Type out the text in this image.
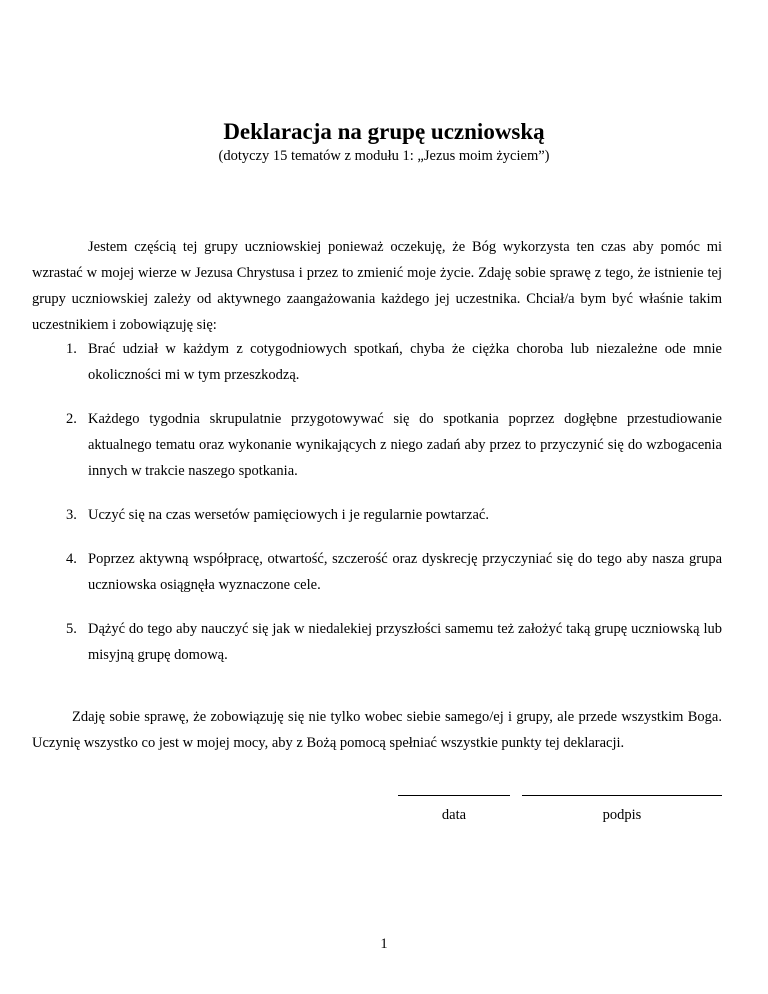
Deklaracja na grupę uczniowską
(dotyczy 15 tematów z modułu 1: „Jezus moim życiem”)

Jestem częścią tej grupy uczniowskiej ponieważ oczekuję, że Bóg wykorzysta ten czas aby pomóc mi wzrastać w mojej wierze w Jezusa Chrystusa i przez to zmienić moje życie. Zdaję sobie sprawę z tego, że istnienie tej grupy uczniowskiej zależy od aktywnego zaangażowania każdego jej uczestnika. Chciał/a bym być właśnie takim uczestnikiem i zobowiązuję się:

1. Brać udział w każdym z cotygodniowych spotkań, chyba że ciężka choroba lub niezależne ode mnie okoliczności mi w tym przeszkodzą.
2. Każdego tygodnia skrupulatnie przygotowywać się do spotkania poprzez dogłębne przestudiowanie aktualnego tematu oraz wykonanie wynikających z niego zadań aby przez to przyczynić się do wzbogacenia innych w trakcie naszego spotkania.
3. Uczyć się na czas wersetów pamięciowych i je regularnie powtarzać.
4. Poprzez aktywną współpracę, otwartość, szczerość oraz dyskrecję przyczyniać się do tego aby nasza grupa uczniowska osiągnęła wyznaczone cele.
5. Dążyć do tego aby nauczyć się jak w niedalekiej przyszłości samemu też założyć taką grupę uczniowską lub misyjną grupę domową.

Zdaję sobie sprawę, że zobowiązuję się nie tylko wobec siebie samego/ej i grupy, ale przede wszystkim Boga. Uczynię wszystko co jest w mojej mocy, aby z Bożą pomocą spełniać wszystkie punkty tej deklaracji.

data	podpis
1
